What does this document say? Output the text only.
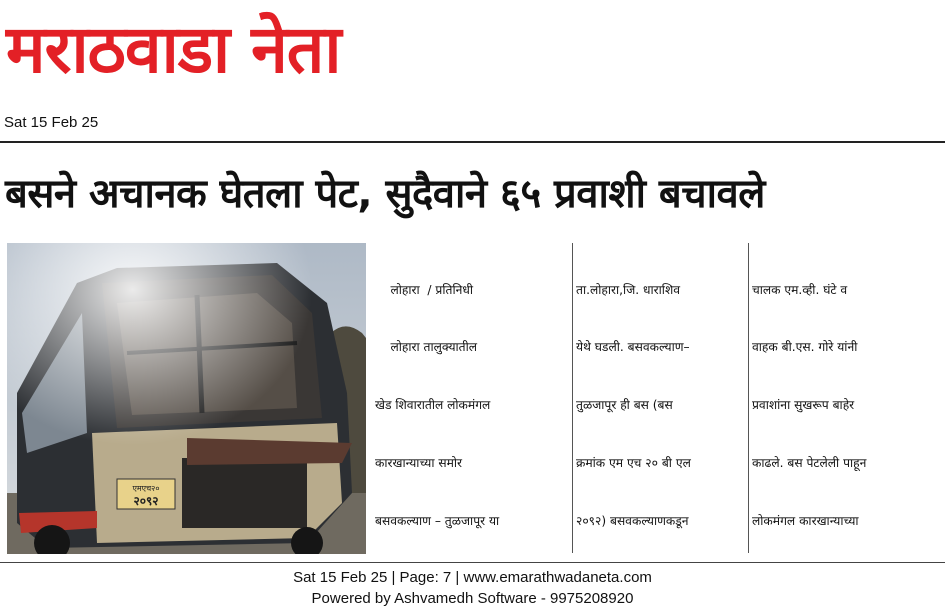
मराठवाडा नेता
Sat 15 Feb 25
बसने अचानक घेतला पेट, सुदैवाने ६५ प्रवाशी बचावले

लोहारा  / प्रतिनिधी

लोहारा तालुक्यातील

खेड शिवारातील लोकमंगल

कारखान्याच्या समोर

बसवकल्याण – तुळजापूर या

ता.लोहारा,जि. धाराशिव

येथे घडली. बसवकल्याण–

तुळजापूर ही बस (बस

क्रमांक एम एच २० बी एल

२०९२) बसवकल्याणकडून

चालक एम.व्ही. घंटे व

वाहक बी.एस. गोरे यांनी

प्रवाशांना सुखरूप बाहेर

काढले. बस पेटलेली पाहून

लोकमंगल कारखान्याच्या

Sat 15 Feb 25 | Page: 7 | www.emarathwadaneta.com
Powered by Ashvamedh Software - 9975208920
